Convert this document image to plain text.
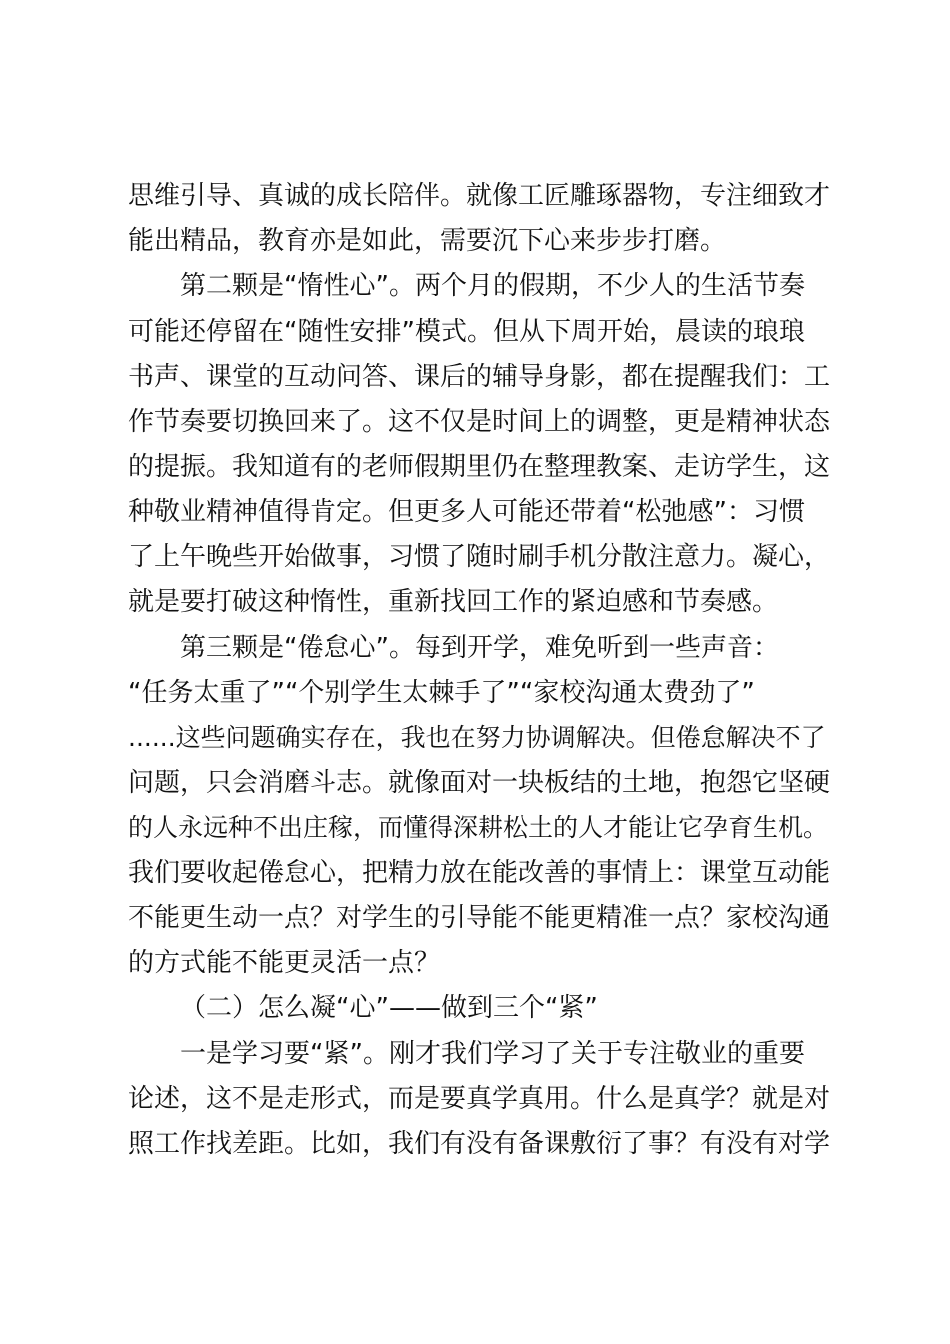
思维引导、真诚的成长陪伴。就像工匠雕琢器物，专注细致才
能出精品，教育亦是如此，需要沉下心来步步打磨。
第二颗是“惰性心”。两个月的假期，不少人的生活节奏
可能还停留在“随性安排”模式。但从下周开始，晨读的琅琅
书声、课堂的互动问答、课后的辅导身影，都在提醒我们：工
作节奏要切换回来了。这不仅是时间上的调整，更是精神状态
的提振。我知道有的老师假期里仍在整理教案、走访学生，这
种敬业精神值得肯定。但更多人可能还带着“松弛感”：习惯
了上午晚些开始做事，习惯了随时刷手机分散注意力。凝心，
就是要打破这种惰性，重新找回工作的紧迫感和节奏感。
第三颗是“倦怠心”。每到开学，难免听到一些声音：
“任务太重了”“个别学生太棘手了”“家校沟通太费劲了”
......这些问题确实存在，我也在努力协调解决。但倦怠解决不了
问题，只会消磨斗志。就像面对一块板结的土地，抱怨它坚硬
的人永远种不出庄稼，而懂得深耕松土的人才能让它孕育生机。
我们要收起倦怠心，把精力放在能改善的事情上：课堂互动能
不能更生动一点？对学生的引导能不能更精准一点？家校沟通
的方式能不能更灵活一点？
（二）怎么凝“心”——做到三个“紧”
一是学习要“紧”。刚才我们学习了关于专注敬业的重要
论述，这不是走形式，而是要真学真用。什么是真学？就是对
照工作找差距。比如，我们有没有备课敷衍了事？有没有对学
